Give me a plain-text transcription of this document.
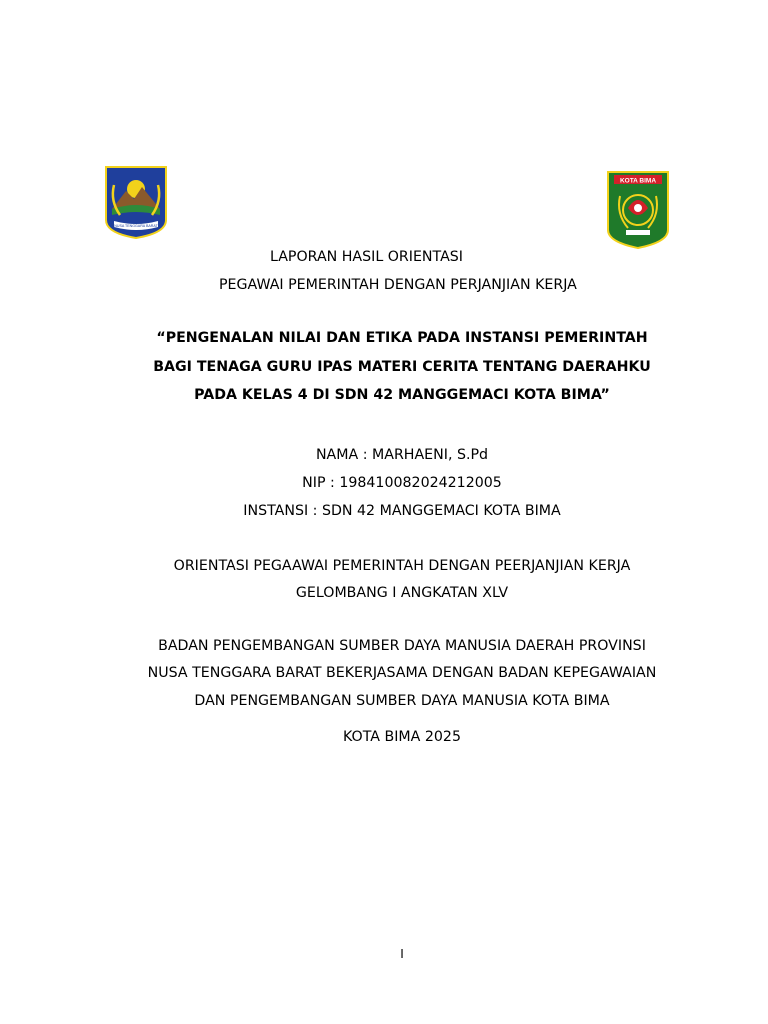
NUSA TENGGARA BARAT
KOTA BIMA
LAPORAN HASIL ORIENTASI
PEGAWAI PEMERINTAH DENGAN PERJANJIAN KERJA
“PENGENALAN NILAI DAN ETIKA PADA INSTANSI PEMERINTAH
BAGI TENAGA GURU IPAS MATERI CERITA TENTANG DAERAHKU
PADA KELAS 4 DI SDN 42 MANGGEMACI KOTA BIMA”
NAMA : MARHAENI, S.Pd
NIP : 198410082024212005
INSTANSI : SDN 42 MANGGEMACI KOTA BIMA
ORIENTASI PEGAAWAI PEMERINTAH DENGAN PEERJANJIAN KERJA
GELOMBANG I ANGKATAN XLV
BADAN PENGEMBANGAN SUMBER DAYA MANUSIA DAERAH PROVINSI
NUSA TENGGARA BARAT BEKERJASAMA DENGAN BADAN KEPEGAWAIAN
DAN PENGEMBANGAN SUMBER DAYA MANUSIA KOTA BIMA
KOTA BIMA 2025
I
